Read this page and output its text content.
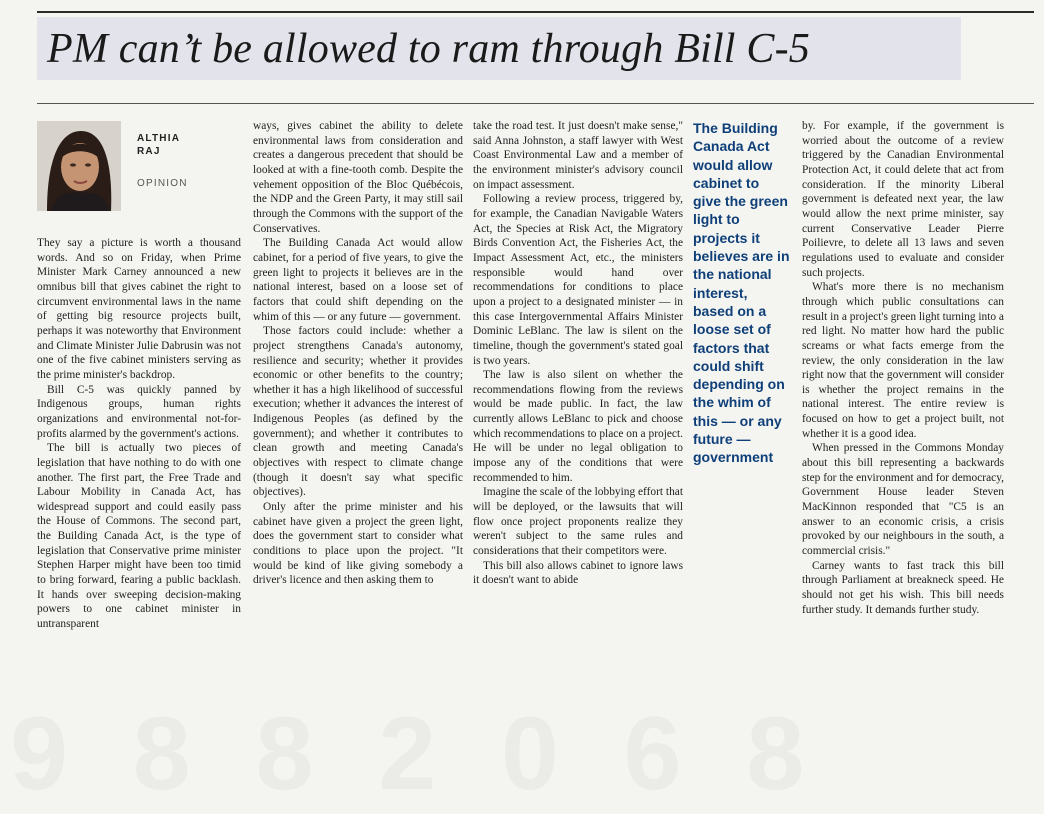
PM can’t be allowed to ram through Bill C-5
ALTHIA RAJ
OPINION

They say a picture is worth a thousand words. And so on Friday, when Prime Minister Mark Carney announced a new omnibus bill that gives cabinet the right to circumvent environmental laws in the name of getting big resource projects built, perhaps it was noteworthy that Environment and Climate Minister Julie Dabrusin was not one of the five cabinet ministers serving as the prime minister's backdrop.

Bill C-5 was quickly panned by Indigenous groups, human rights organizations and environmental not-for-profits alarmed by the government's actions.

The bill is actually two pieces of legislation that have nothing to do with one another. The first part, the Free Trade and Labour Mobility in Canada Act, has widespread support and could easily pass the House of Commons. The second part, the Building Canada Act, is the type of legislation that Conservative prime minister Stephen Harper might have been too timid to bring forward, fearing a public backlash. It hands over sweeping decision-making powers to one cabinet minister in untransparent

ways, gives cabinet the ability to delete environmental laws from consideration and creates a dangerous precedent that should be looked at with a fine-tooth comb. Despite the vehement opposition of the Bloc Québécois, the NDP and the Green Party, it may still sail through the Commons with the support of the Conservatives.

The Building Canada Act would allow cabinet, for a period of five years, to give the green light to projects it believes are in the national interest, based on a loose set of factors that could shift depending on the whim of this — or any future — government.

Those factors could include: whether a project strengthens Canada's autonomy, resilience and security; whether it provides economic or other benefits to the country; whether it has a high likelihood of successful execution; whether it advances the interest of Indigenous Peoples (as defined by the government); and whether it contributes to clean growth and meeting Canada's objectives with respect to climate change (though it doesn't say what specific objectives).

Only after the prime minister and his cabinet have given a project the green light, does the government start to consider what conditions to place upon the project. "It would be kind of like giving somebody a driver's licence and then asking them to

take the road test. It just doesn't make sense," said Anna Johnston, a staff lawyer with West Coast Environmental Law and a member of the environment minister's advisory council on impact assessment.

Following a review process, triggered by, for example, the Canadian Navigable Waters Act, the Species at Risk Act, the Migratory Birds Convention Act, the Fisheries Act, the Impact Assessment Act, etc., the ministers responsible would hand over recommendations for conditions to place upon a project to a designated minister — in this case Intergovernmental Affairs Minister Dominic LeBlanc. The law is silent on the timeline, though the government's stated goal is two years.

The law is also silent on whether the recommendations flowing from the reviews would be made public. In fact, the law currently allows LeBlanc to pick and choose which recommendations to place on a project. He will be under no legal obligation to impose any of the conditions that were recommended to him.

Imagine the scale of the lobbying effort that will be deployed, or the lawsuits that will flow once project proponents realize they weren't subject to the same rules and considerations that their competitors were.

This bill also allows cabinet to ignore laws it doesn't want to abide

The Building Canada Act would allow cabinet to give the green light to projects it believes are in the national interest, based on a loose set of factors that could shift depending on the whim of this — or any future — government

by. For example, if the government is worried about the outcome of a review triggered by the Canadian Environmental Protection Act, it could delete that act from consideration. If the minority Liberal government is defeated next year, the law would allow the next prime minister, say current Conservative Leader Pierre Poilievre, to delete all 13 laws and seven regulations used to evaluate and consider such projects.

What's more there is no mechanism through which public consultations can result in a project's green light turning into a red light. No matter how hard the public screams or what facts emerge from the review, the only consideration in the law right now that the government will consider is whether the project remains in the national interest. The entire review is focused on how to get a project built, not whether it is a good idea.

When pressed in the Commons Monday about this bill representing a backwards step for the environment and for democracy, Government House leader Steven MacKinnon responded that "C5 is an answer to an economic crisis, a crisis provoked by our neighbours in the south, a commercial crisis."

Carney wants to fast track this bill through Parliament at breakneck speed. He should not get his wish. This bill needs further study. It demands further study.
